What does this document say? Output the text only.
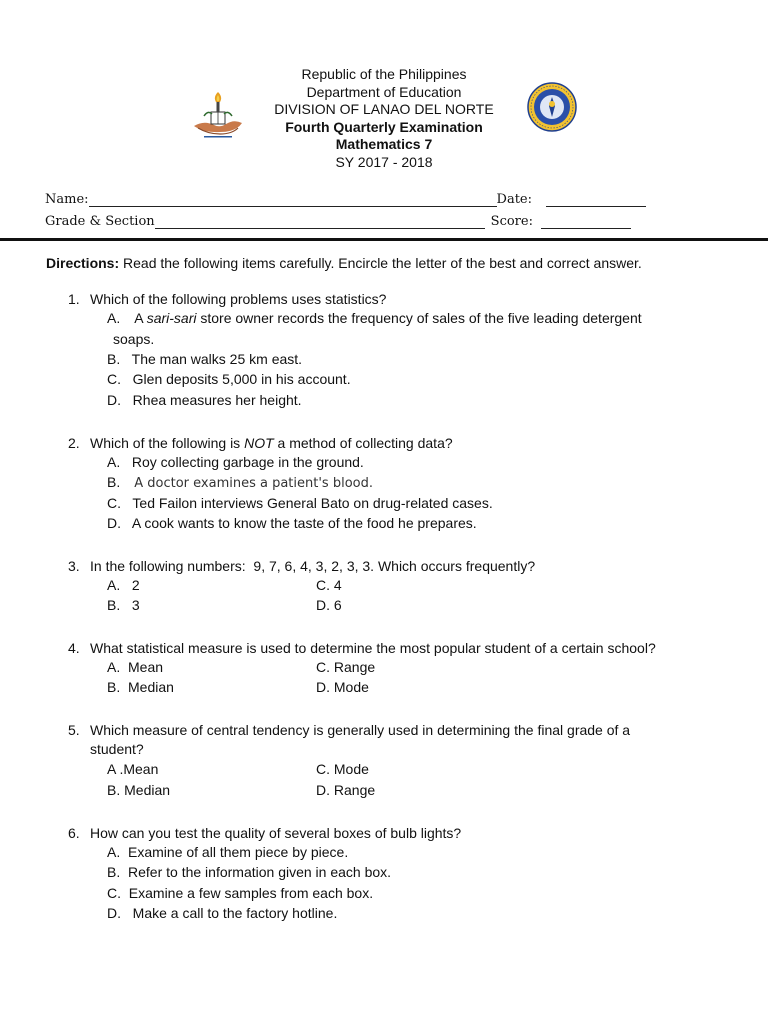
Republic of the Philippines
Department of Education
DIVISION OF LANAO DEL NORTE
Fourth Quarterly Examination
Mathematics 7
SY 2017 - 2018
Name:	Date:
Grade & Section	Score:
Directions: Read the following items carefully. Encircle the letter of the best and correct answer.
1. Which of the following problems uses statistics?
A. A sari-sari store owner records the frequency of sales of the five leading detergent
soaps.
B.   The man walks 25 km east.
C.   Glen deposits 5,000 in his account.
D.   Rhea measures her height.
2. Which of the following is NOT a method of collecting data?
A.   Roy collecting garbage in the ground.
B. A doctor examines a patient's blood.
C.   Ted Failon interviews General Bato on drug-related cases.
D.   A cook wants to know the taste of the food he prepares.
3. In the following numbers:  9, 7, 6, 4, 3, 2, 3, 3. Which occurs frequently?
A.   2	C. 4
B.   3	D. 6
4. What statistical measure is used to determine the most popular student of a certain school?
A.  Mean	C. Range
B.  Median	D. Mode
5. Which measure of central tendency is generally used in determining the final grade of a
student?
A .Mean	C. Mode
B. Median	D. Range
6. How can you test the quality of several boxes of bulb lights?
A.  Examine of all them piece by piece.
B.  Refer to the information given in each box.
C.  Examine a few samples from each box.
D.   Make a call to the factory hotline.
